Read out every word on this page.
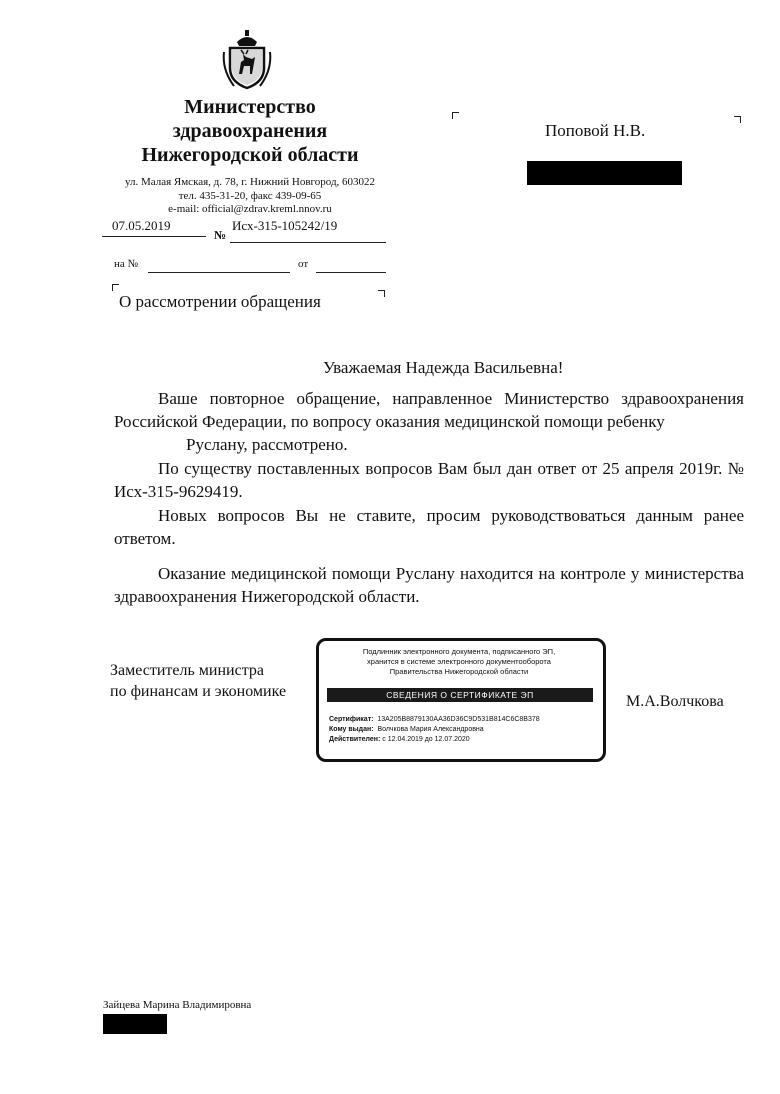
Министерство
здравоохранения
Нижегородской области
ул. Малая Ямская, д. 78, г. Нижний Новгород, 603022
тел. 435-31-20, факс 439-09-65
e-mail: official@zdrav.kreml.nnov.ru
07.05.2019
№
Исх-315-105242/19
на №	от
О рассмотрении обращения
Поповой Н.В.
Уважаемая Надежда Васильевна!
Ваше повторное обращение, направленное Министерство здравоохранения Российской Федерации, по вопросу оказания медицинской помощи ребенку
Руслану, рассмотрено.
По существу поставленных вопросов Вам был дан ответ от 25 апреля 2019г. № Исх-315-9629419.
Новых вопросов Вы не ставите, просим руководствоваться данным ранее ответом.
Оказание медицинской помощи Руслану находится на контроле у министерства здравоохранения Нижегородской области.
Заместитель министра
по финансам и экономике
Подлинник электронного документа, подписанного ЭП,
хранится в системе электронного документооборота
Правительства Нижегородской области
СВЕДЕНИЯ О СЕРТИФИКАТЕ ЭП
Сертификат: 13A205B8879130AA36D36C9D531B814C6C8B378
Кому выдан: Волчкова Мария Александровна
Действителен: с 12.04.2019 до 12.07.2020
М.А.Волчкова
Зайцева Марина Владимировна
